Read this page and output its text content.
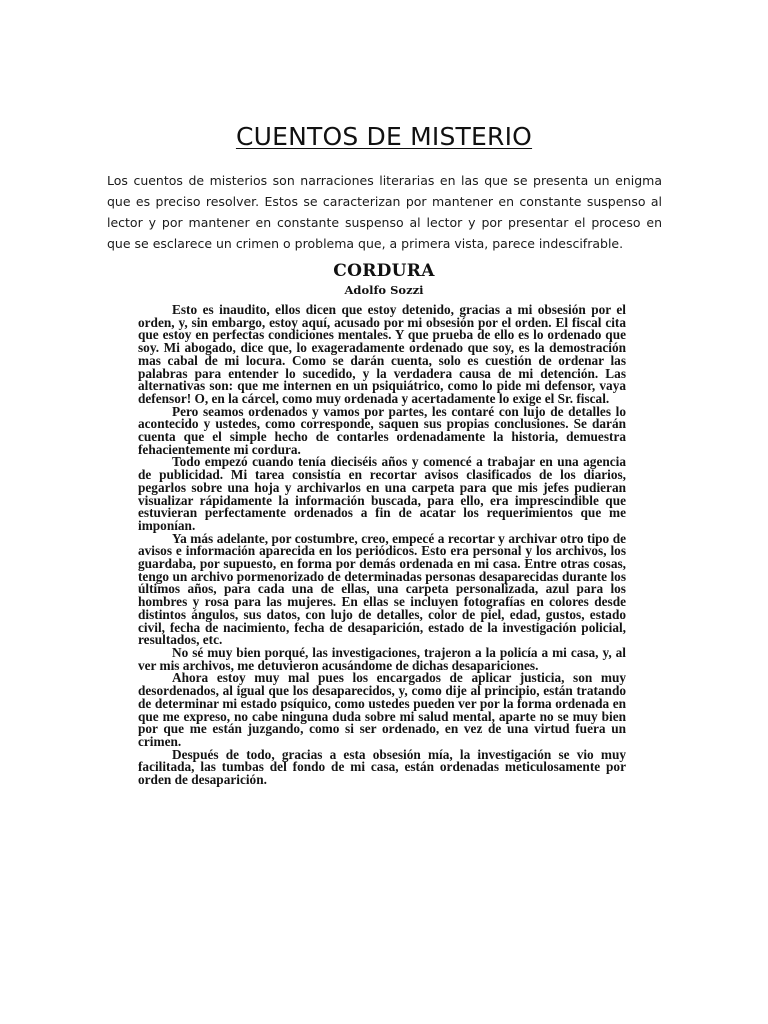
CUENTOS DE MISTERIO

Los cuentos de misterios son narraciones literarias en las que se presenta un enigma que es preciso resolver. Estos se caracterizan por mantener en constante suspenso al lector y por mantener en constante suspenso al lector y por presentar el proceso en que se esclarece un crimen o problema que, a primera vista, parece indescifrable.

CORDURA
Adolfo Sozzi

Esto es inaudito, ellos dicen que estoy detenido, gracias a mi obsesión por el orden, y, sin embargo, estoy aquí, acusado por mi obsesión por el orden. El fiscal cita que estoy en perfectas condiciones mentales. Y que prueba de ello es lo ordenado que soy. Mi abogado, dice que, lo exageradamente ordenado que soy, es la demostración mas cabal de mi locura. Como se darán cuenta, solo es cuestión de ordenar las palabras para entender lo sucedido, y la verdadera causa de mi detención. Las alternativas son: que me internen en un psiquiátrico, como lo pide mi defensor, vaya defensor! O, en la cárcel, como muy ordenada y acertadamente lo exige el Sr. fiscal.

Pero seamos ordenados y vamos por partes, les contaré con lujo de detalles lo acontecido y ustedes, como corresponde, saquen sus propias conclusiones. Se darán cuenta que el simple hecho de contarles ordenadamente la historia, demuestra fehacientemente mi cordura.

Todo empezó cuando tenía dieciséis años y comencé a trabajar en una agencia de publicidad. Mi tarea consistía en recortar avisos clasificados de los diarios, pegarlos sobre una hoja y archivarlos en una carpeta para que mis jefes pudieran visualizar rápidamente la información buscada, para ello, era imprescindible que estuvieran perfectamente ordenados a fin de acatar los requerimientos que me imponían.

Ya más adelante, por costumbre, creo, empecé a recortar y archivar otro tipo de avisos e información aparecida en los periódicos. Esto era personal y los archivos, los guardaba, por supuesto, en forma por demás ordenada en mi casa. Entre otras cosas, tengo un archivo pormenorizado de determinadas personas desaparecidas durante los últimos años, para cada una de ellas, una carpeta personalizada, azul para los hombres y rosa para las mujeres. En ellas se incluyen fotografías en colores desde distintos ángulos, sus datos, con lujo de detalles, color de piel, edad, gustos, estado civil, fecha de nacimiento, fecha de desaparición, estado de la investigación policial, resultados, etc.

No sé muy bien porqué, las investigaciones, trajeron a la policía a mi casa, y, al ver mis archivos, me detuvieron acusándome de dichas desapariciones.

Ahora estoy muy mal pues los encargados de aplicar justicia, son muy desordenados, al igual que los desaparecidos, y, como dije al principio, están tratando de determinar mi estado psíquico, como ustedes pueden ver por la forma ordenada en que me expreso, no cabe ninguna duda sobre mi salud mental, aparte no se muy bien por que me están juzgando, como si ser ordenado, en vez de una virtud fuera un crimen.

Después de todo, gracias a esta obsesión mía, la investigación se vio muy facilitada, las tumbas del fondo de mi casa, están ordenadas meticulosamente por orden de desaparición.
